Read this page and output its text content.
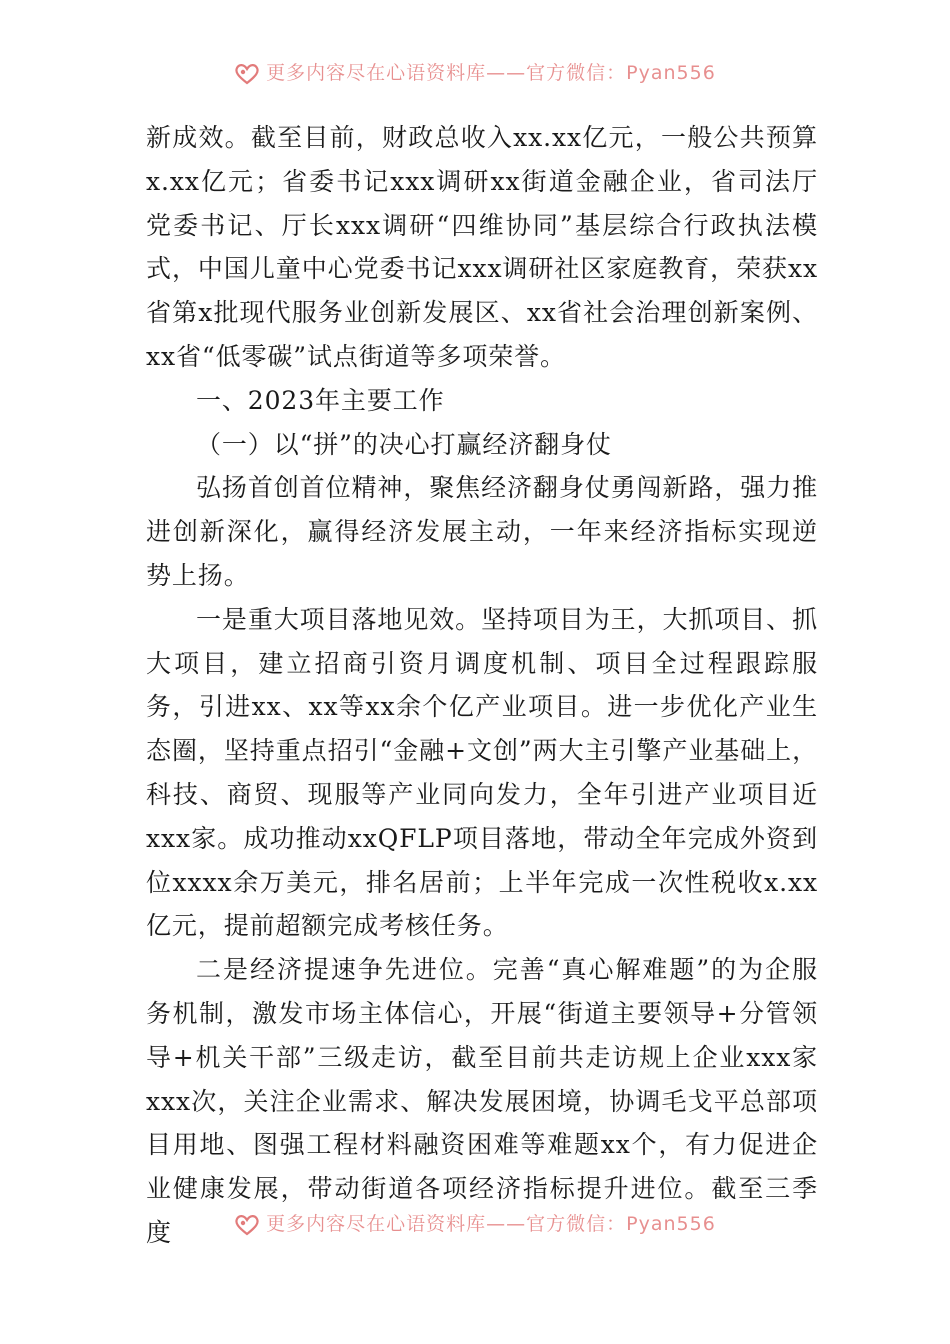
更多内容尽在心语资料库——官方微信：Pyan556

新成效。截至目前，财政总收入xx.xx亿元，一般公共预算x.xx亿元；省委书记xxx调研xx街道金融企业，省司法厅党委书记、厅长xxx调研“四维协同”基层综合行政执法模式，中国儿童中心党委书记xxx调研社区家庭教育，荣获xx省第x批现代服务业创新发展区、xx省社会治理创新案例、xx省“低零碳”试点街道等多项荣誉。

一、2023年主要工作

（一）以“拼”的决心打赢经济翻身仗

弘扬首创首位精神，聚焦经济翻身仗勇闯新路，强力推进创新深化，赢得经济发展主动，一年来经济指标实现逆势上扬。

一是重大项目落地见效。坚持项目为王，大抓项目、抓大项目，建立招商引资月调度机制、项目全过程跟踪服务，引进xx、xx等xx余个亿产业项目。进一步优化产业生态圈，坚持重点招引“金融+文创”两大主引擎产业基础上，科技、商贸、现服等产业同向发力，全年引进产业项目近xxx家。成功推动xxQFLP项目落地，带动全年完成外资到位xxxx余万美元，排名居前；上半年完成一次性税收x.xx亿元，提前超额完成考核任务。

二是经济提速争先进位。完善“真心解难题”的为企服务机制，激发市场主体信心，开展“街道主要领导+分管领导+机关干部”三级走访，截至目前共走访规上企业xxx家xxx次，关注企业需求、解决发展困境，协调毛戈平总部项目用地、图强工程材料融资困难等难题xx个，有力促进企业健康发展，带动街道各项经济指标提升进位。截至三季度	更多内容尽在心语资料库——官方微信：Pyan556
